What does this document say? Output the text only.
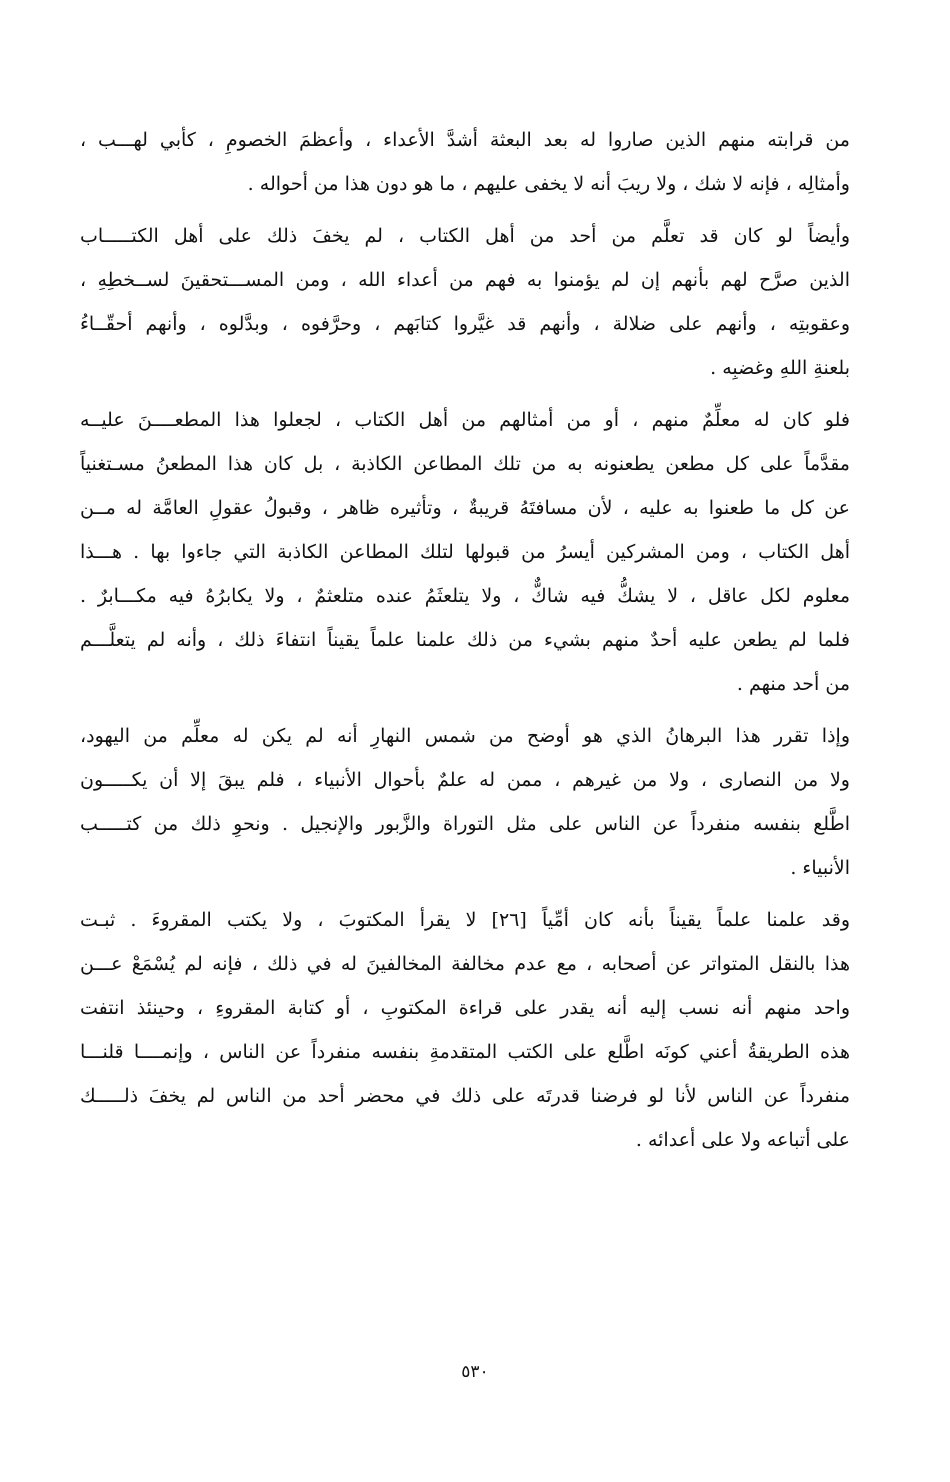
من قرابته منهم الذين صاروا له بعد البعثة أشدَّ الأعداء ، وأعظمَ الخصومِ ، كأبي لهـــب ،
وأمثالِه ، فإنه لا شك ، ولا ريبَ أنه لا يخفى عليهم ، ما هو دون هذا من أحواله .
وأيضاً لو كان قد تعلَّم من أحد من أهل الكتاب ، لم يخفَ ذلك على أهل الكتـــــاب
الذين صرَّح لهم بأنهم إن لم يؤمنوا به فهم من أعداء الله ، ومن المســـتحقينَ لســخطِهِ ،
وعقوبتِه ، وأنهم على ضلالة ، وأنهم قد غيَّروا كتابَهم ، وحرَّفوه ، وبدَّلوه ، وأنهم أحقّــاءُ
بلعنةِ اللهِ وغضبِه .
فلو كان له معلِّمٌ منهم ، أو من أمثالهم من أهل الكتاب ، لجعلوا هذا المطعــــنَ عليــه
مقدَّماً على كل مطعن يطعنونه به من تلك المطاعن الكاذبة ، بل كان هذا المطعنُ مسـتغنياً
عن كل ما طعنوا به عليه ، لأن مسافتَهُ قريبةٌ ، وتأثيره ظاهر ، وقبولُ عقولِ العامَّة له مــن
أهل الكتاب ، ومن المشركين أيسرُ من قبولها لتلك المطاعن الكاذبة التي جاءوا بها . هـــذا
معلوم لكل عاقل ، لا يشكُّ فيه شاكٌّ ، ولا يتلعثَمُ عنده متلعثمٌ ، ولا يكابرُهُ فيه مكـــابرٌ .
فلما لم يطعن عليه أحدٌ منهم بشيء من ذلك علمنا علماً يقيناً انتفاءَ ذلك ، وأنه لم يتعلَّـــم
من أحد منهم .
وإذا تقرر هذا البرهانُ الذي هو أوضح من شمس النهارِ أنه لم يكن له معلِّم من اليهود،
ولا من النصارى ، ولا من غيرهم ، ممن له علمٌ بأحوال الأنبياء ، فلم يبقَ إلا أن يكـــــون
اطَّلع بنفسه منفرداً عن الناس على مثل التوراة والزَّبور والإنجيل . ونحوِ ذلك من كتـــــب
الأنبياء .
وقد علمنا علماً يقيناً بأنه كان أمِّياً [٢٦] لا يقرأ المكتوبَ ، ولا يكتب المقروءَ . ثبـت
هذا بالنقل المتواتر عن أصحابه ، مع عدم مخالفة المخالفينَ له في ذلك ، فإنه لم يُسْمَعْ عـــن
واحد منهم أنه نسب إليه أنه يقدر على قراءة المكتوبِ ، أو كتابة المقروءِ ، وحينئذ انتفت
هذه الطريقةُ أعني كونَه اطَّلع على الكتب المتقدمةِ بنفسه منفرداً عن الناس ، وإنمــــا قلنـــا
منفرداً عن الناس لأنا لو فرضنا قدرتَه على ذلك في محضر أحد من الناس لم يخفَ ذلـــــك
على أتباعه ولا على أعدائه .
٥٣٠
